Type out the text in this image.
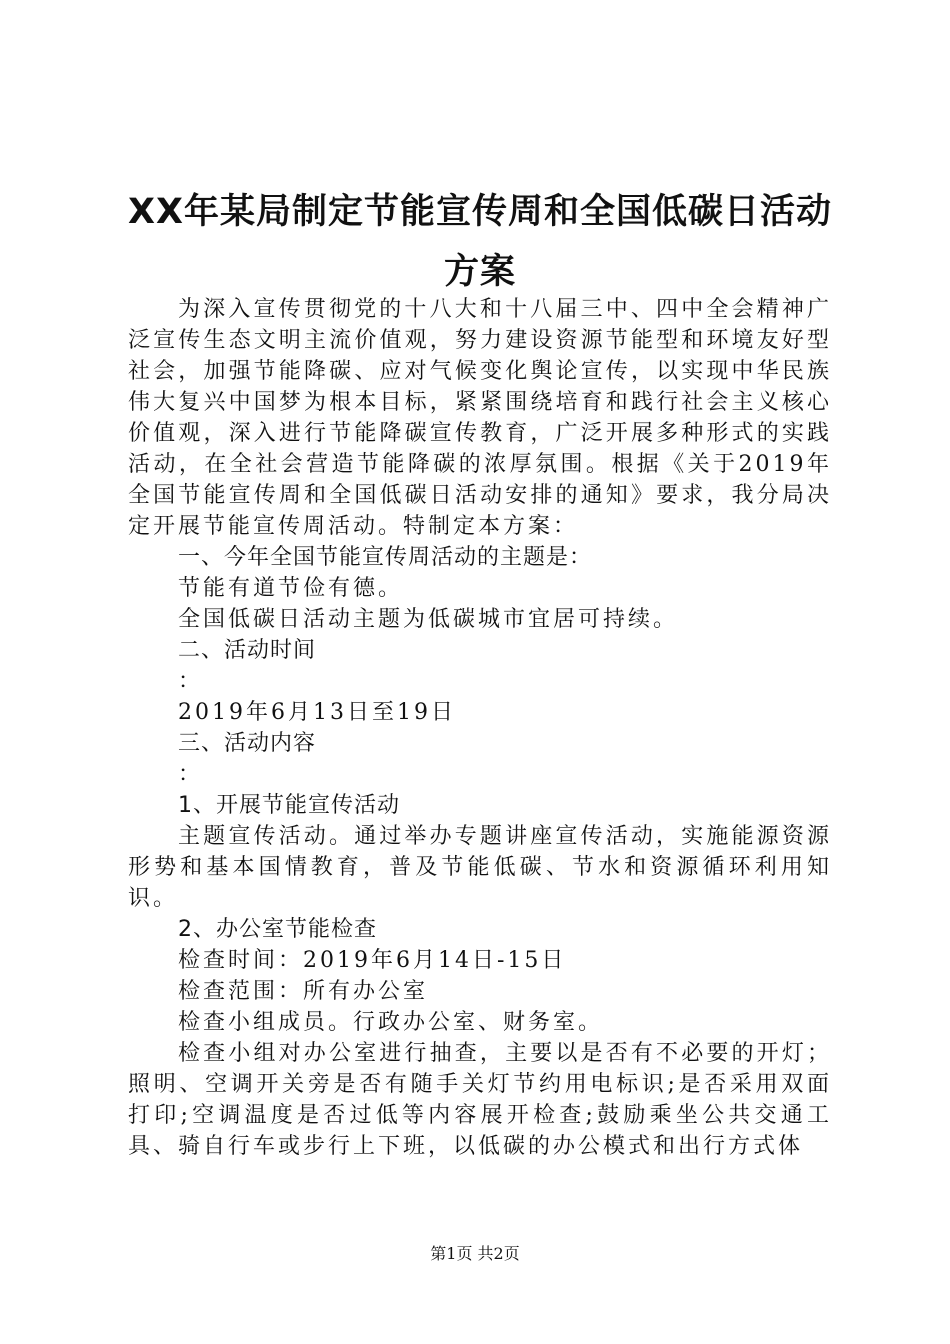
XX年某局制定节能宣传周和全国低碳日活动
方案

为深入宣传贯彻党的十八大和十八届三中、四中全会精神广泛宣传生态文明主流价值观，努力建设资源节能型和环境友好型社会，加强节能降碳、应对气候变化舆论宣传，以实现中华民族伟大复兴中国梦为根本目标，紧紧围绕培育和践行社会主义核心价值观，深入进行节能降碳宣传教育，广泛开展多种形式的实践活动，在全社会营造节能降碳的浓厚氛围。根据《关于2019年全国节能宣传周和全国低碳日活动安排的通知》要求，我分局决定开展节能宣传周活动。特制定本方案：

一、今年全国节能宣传周活动的主题是：

节能有道节俭有德。

全国低碳日活动主题为低碳城市宜居可持续。

二、活动时间

：

2019年6月13日至19日

三、活动内容

：

1、开展节能宣传活动

主题宣传活动。通过举办专题讲座宣传活动，实施能源资源形势和基本国情教育，普及节能低碳、节水和资源循环利用知识。

2、办公室节能检查

检查时间：2019年6月14日-15日

检查范围：所有办公室

检查小组成员。行政办公室、财务室。

检查小组对办公室进行抽查，主要以是否有不必要的开灯；照明、空调开关旁是否有随手关灯节约用电标识;是否采用双面打印;空调温度是否过低等内容展开检查;鼓励乘坐公共交通工具、骑自行车或步行上下班，以低碳的办公模式和出行方式体

第1页 共2页
